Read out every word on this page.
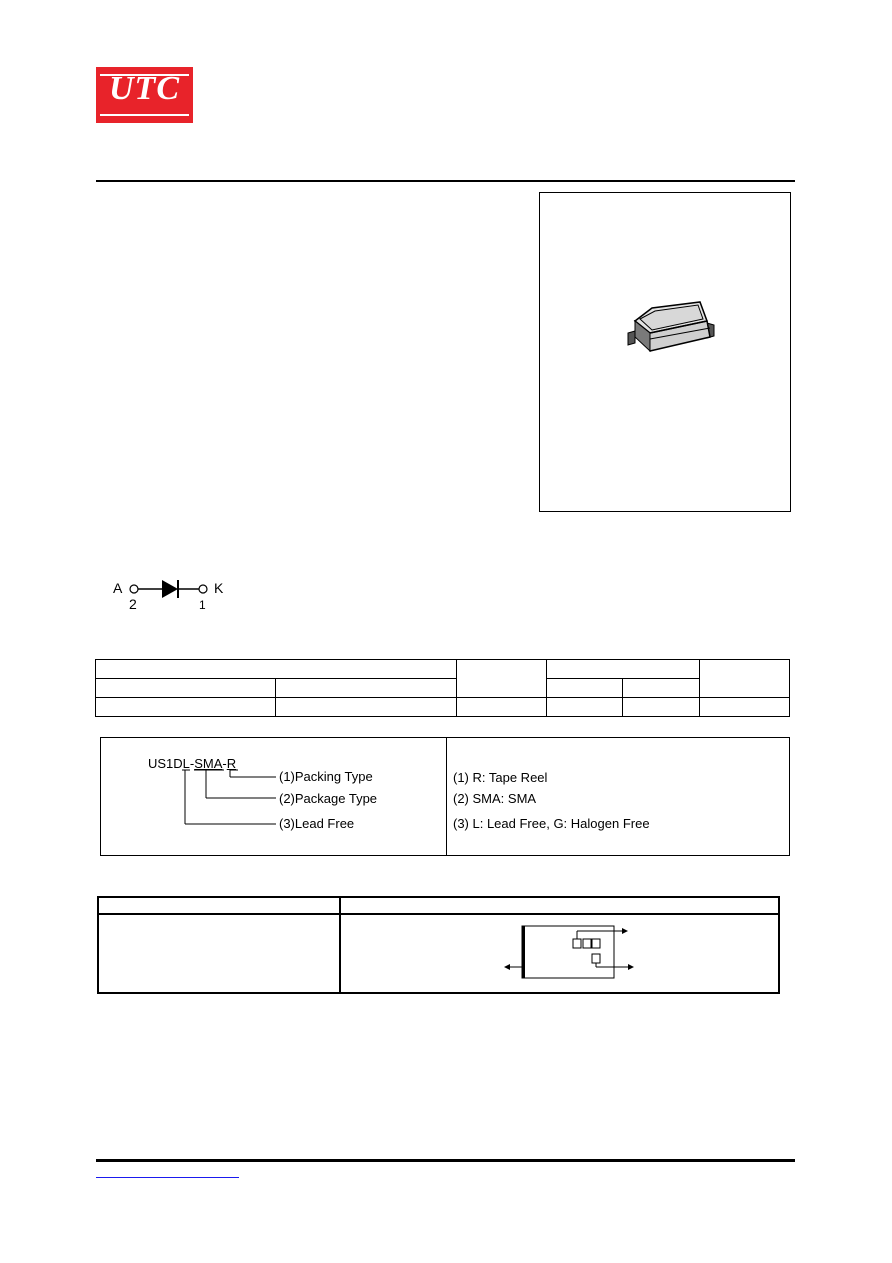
UTC
A
2
K
1

US1DL-SMA-R
(1)Packing Type
(2)Package Type
(3)Lead Free
(1) R: Tape Reel
(2) SMA: SMA
(3) L: Lead Free, G: Halogen Free
